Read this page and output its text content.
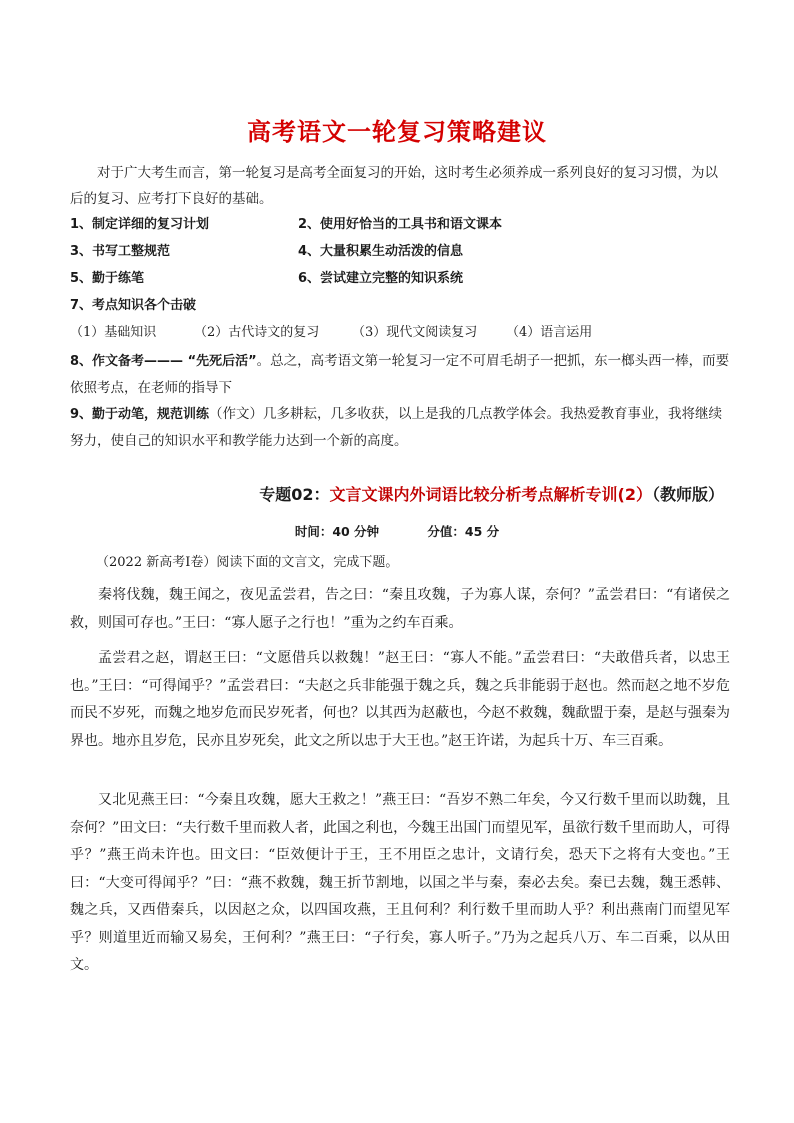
高考语文一轮复习策略建议
对于广大考生而言，第一轮复习是高考全面复习的开始，这时考生必须养成一系列良好的复习习惯，为以后的复习、应考打下良好的基础。
1、制定详细的复习计划	2、使用好恰当的工具书和语文课本
3、书写工整规范	4、大量积累生动活泼的信息
5、勤于练笔	6、尝试建立完整的知识系统
7、考点知识各个击破
（1）基础知识	（2）古代诗文的复习	（3）现代文阅读复习 （4）语言运用
8、作文备考——— “先死后活”。总之，高考语文第一轮复习一定不可眉毛胡子一把抓，东一榔头西一棒，而要依照考点，在老师的指导下
9、勤于动笔，规范训练（作文）几多耕耘，几多收获，以上是我的几点教学体会。我热爱教育事业，我将继续努力，使自己的知识水平和教学能力达到一个新的高度。
专题02：文言文课内外词语比较分析考点解析专训(2）（教师版）
时间：40 分钟	分值：45 分
（2022 新高考Ⅰ卷）阅读下面的文言文，完成下题。
秦将伐魏，魏王闻之，夜见孟尝君，告之曰：“秦且攻魏，子为寡人谋，奈何？”孟尝君曰：“有诸侯之救，则国可存也。”王曰：“寡人愿子之行也！”重为之约车百乘。
孟尝君之赵，谓赵王曰：“文愿借兵以救魏！”赵王曰：“寡人不能。”孟尝君曰：“夫敢借兵者，以忠王也。”王曰：“可得闻乎？”孟尝君曰：“夫赵之兵非能强于魏之兵，魏之兵非能弱于赵也。然而赵之地不岁危而民不岁死，而魏之地岁危而民岁死者，何也？以其西为赵蔽也，今赵不救魏，魏歃盟于秦，是赵与强秦为界也。地亦且岁危，民亦且岁死矣，此文之所以忠于大王也。”赵王许诺，为起兵十万、车三百乘。
又北见燕王曰：“今秦且攻魏，愿大王救之！”燕王曰：“吾岁不熟二年矣，今又行数千里而以助魏，且奈何？”田文曰：“夫行数千里而救人者，此国之利也，今魏王出国门而望见军，虽欲行数千里而助人，可得乎？”燕王尚未许也。田文曰：“臣效便计于王，王不用臣之忠计，文请行矣，恐天下之将有大变也。”王曰：“大变可得闻乎？”曰：“燕不救魏，魏王折节割地，以国之半与秦，秦必去矣。秦已去魏，魏王悉韩、魏之兵，又西借秦兵，以因赵之众，以四国攻燕，王且何利？利行数千里而助人乎？利出燕南门而望见军乎？则道里近而输又易矣，王何利？”燕王曰：“子行矣，寡人听子。”乃为之起兵八万、车二百乘，以从田文。
